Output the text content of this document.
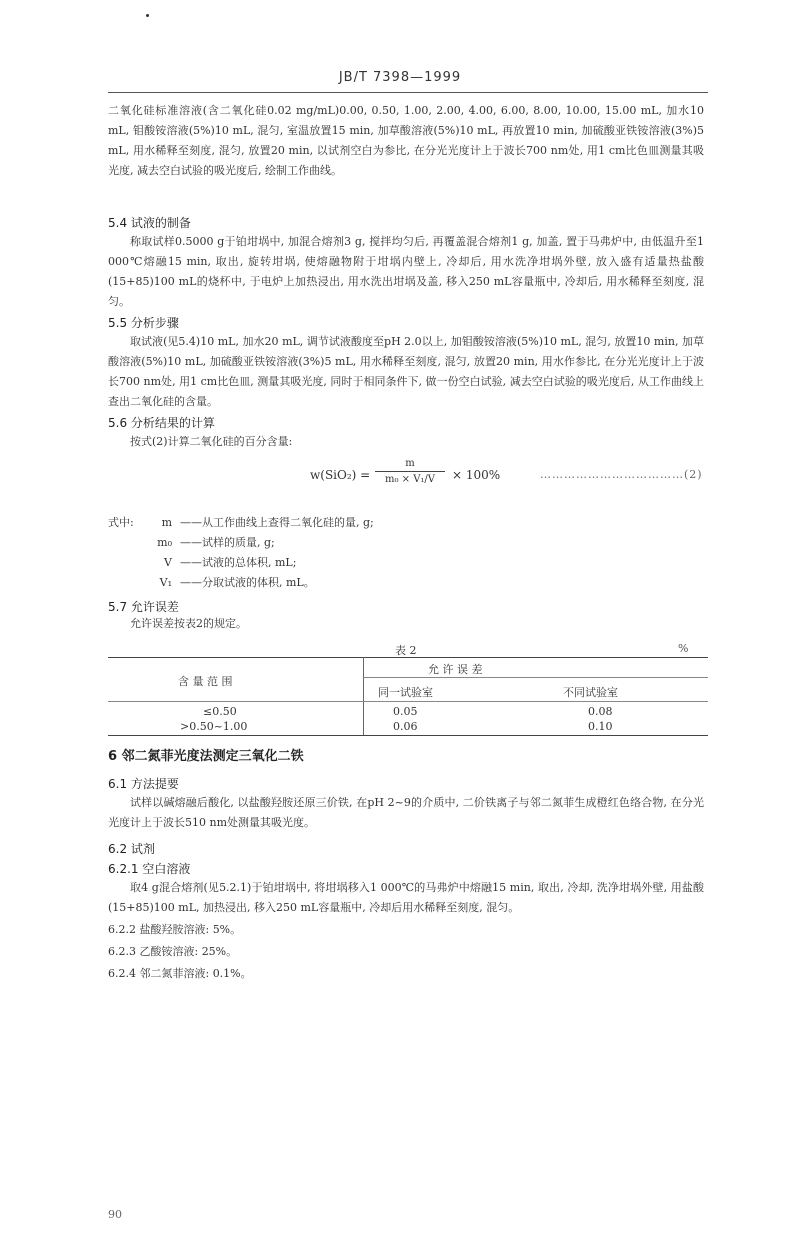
JB/T 7398—1999
二氧化硅标准溶液(含二氧化硅0.02 mg/mL)0.00, 0.50, 1.00, 2.00, 4.00, 6.00, 8.00, 10.00, 15.00 mL, 加水10 mL, 钼酸铵溶液(5%)10 mL, 混匀, 室温放置15 min, 加草酸溶液(5%)10 mL, 再放置10 min, 加硫酸亚铁铵溶液(3%)5 mL, 用水稀释至刻度, 混匀, 放置20 min, 以试剂空白为参比, 在分光光度计上于波长700 nm处, 用1 cm比色皿测量其吸光度, 减去空白试验的吸光度后, 绘制工作曲线。
5.4 试液的制备
称取试样0.5000 g于铂坩埚中, 加混合熔剂3 g, 搅拌均匀后, 再覆盖混合熔剂1 g, 加盖, 置于马弗炉中, 由低温升至1 000℃熔融15 min, 取出, 旋转坩埚, 使熔融物附于坩埚内壁上, 冷却后, 用水洗净坩埚外壁, 放入盛有适量热盐酸(15+85)100 mL的烧杯中, 于电炉上加热浸出, 用水洗出坩埚及盖, 移入250 mL容量瓶中, 冷却后, 用水稀释至刻度, 混匀。
5.5 分析步骤
取试液(见5.4)10 mL, 加水20 mL, 调节试液酸度至pH 2.0以上, 加钼酸铵溶液(5%)10 mL, 混匀, 放置10 min, 加草酸溶液(5%)10 mL, 加硫酸亚铁铵溶液(3%)5 mL, 用水稀释至刻度, 混匀, 放置20 min, 用水作参比, 在分光光度计上于波长700 nm处, 用1 cm比色皿, 测量其吸光度, 同时于相同条件下, 做一份空白试验, 减去空白试验的吸光度后, 从工作曲线上查出二氧化硅的含量。
5.6 分析结果的计算
按式(2)计算二氧化硅的百分含量:
w(SiO₂) =
m
m₀ × V₁/V	× 100%	………………………………(2)
式中:	m ——从工作曲线上查得二氧化硅的量, g;
m₀ ——试样的质量, g;
V ——试液的总体积, mL;
V₁ ——分取试液的体积, mL。
5.7 允许误差
允许误差按表2的规定。
表 2	%
含 量 范 围
允 许 误 差
同一试验室	不同试验室
≤0.50	0.05	0.08
>0.50~1.00	0.06	0.10
6 邻二氮菲光度法测定三氧化二铁
6.1 方法提要
试样以碱熔融后酸化, 以盐酸羟胺还原三价铁, 在pH 2~9的介质中, 二价铁离子与邻二氮菲生成橙红色络合物, 在分光光度计上于波长510 nm处测量其吸光度。
6.2 试剂
6.2.1 空白溶液
取4 g混合熔剂(见5.2.1)于铂坩埚中, 将坩埚移入1 000℃的马弗炉中熔融15 min, 取出, 冷却, 洗净坩埚外壁, 用盐酸(15+85)100 mL, 加热浸出, 移入250 mL容量瓶中, 冷却后用水稀释至刻度, 混匀。
6.2.2 盐酸羟胺溶液: 5%。
6.2.3 乙酸铵溶液: 25%。
6.2.4 邻二氮菲溶液: 0.1%。
90
